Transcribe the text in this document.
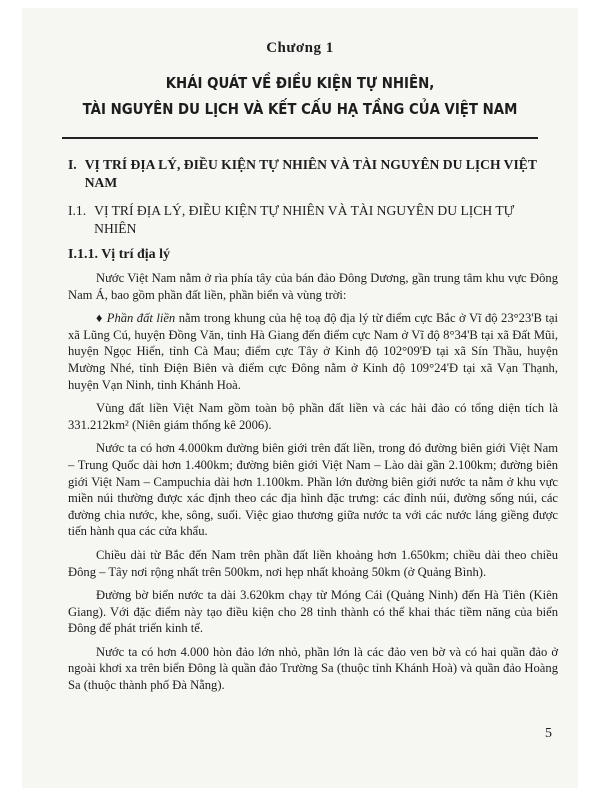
Chương 1
KHÁI QUÁT VỀ ĐIỀU KIỆN TỰ NHIÊN,
TÀI NGUYÊN DU LỊCH VÀ KẾT CẤU HẠ TẦNG CỦA VIỆT NAM
I. VỊ TRÍ ĐỊA LÝ, ĐIỀU KIỆN TỰ NHIÊN VÀ TÀI NGUYÊN DU LỊCH VIỆT NAM
I.1. VỊ TRÍ ĐỊA LÝ, ĐIỀU KIỆN TỰ NHIÊN VÀ TÀI NGUYÊN DU LỊCH TỰ NHIÊN
I.1.1. Vị trí địa lý

Nước Việt Nam nằm ở rìa phía tây của bán đảo Đông Dương, gần trung tâm khu vực Đông Nam Á, bao gồm phần đất liền, phần biển và vùng trời:

♦ Phần đất liền nằm trong khung của hệ toạ độ địa lý từ điểm cực Bắc ở Vĩ độ 23°23'B tại xã Lũng Cú, huyện Đồng Văn, tỉnh Hà Giang đến điểm cực Nam ở Vĩ độ 8°34'B tại xã Đất Mũi, huyện Ngọc Hiển, tỉnh Cà Mau; điểm cực Tây ở Kinh độ 102°09'Đ tại xã Sín Thầu, huyện Mường Nhé, tỉnh Điện Biên và điểm cực Đông nằm ở Kinh độ 109°24'Đ tại xã Vạn Thạnh, huyện Vạn Ninh, tỉnh Khánh Hoà.

Vùng đất liền Việt Nam gồm toàn bộ phần đất liền và các hải đảo có tổng diện tích là 331.212km² (Niên giám thống kê 2006).

Nước ta có hơn 4.000km đường biên giới trên đất liền, trong đó đường biên giới Việt Nam – Trung Quốc dài hơn 1.400km; đường biên giới Việt Nam – Lào dài gần 2.100km; đường biên giới Việt Nam – Campuchia dài hơn 1.100km. Phần lớn đường biên giới nước ta nằm ở khu vực miền núi thường được xác định theo các địa hình đặc trưng: các đỉnh núi, đường sống núi, các đường chia nước, khe, sông, suối. Việc giao thương giữa nước ta với các nước láng giềng được tiến hành qua các cửa khẩu.

Chiều dài từ Bắc đến Nam trên phần đất liền khoảng hơn 1.650km; chiều dài theo chiều Đông – Tây nơi rộng nhất trên 500km, nơi hẹp nhất khoảng 50km (ở Quảng Bình).

Đường bờ biển nước ta dài 3.620km chạy từ Móng Cái (Quảng Ninh) đến Hà Tiên (Kiên Giang). Với đặc điểm này tạo điều kiện cho 28 tỉnh thành có thể khai thác tiềm năng của biển Đông để phát triển kinh tế.

Nước ta có hơn 4.000 hòn đảo lớn nhỏ, phần lớn là các đảo ven bờ và có hai quần đảo ở ngoài khơi xa trên biển Đông là quần đảo Trường Sa (thuộc tỉnh Khánh Hoà) và quần đảo Hoàng Sa (thuộc thành phố Đà Nẵng).

5
